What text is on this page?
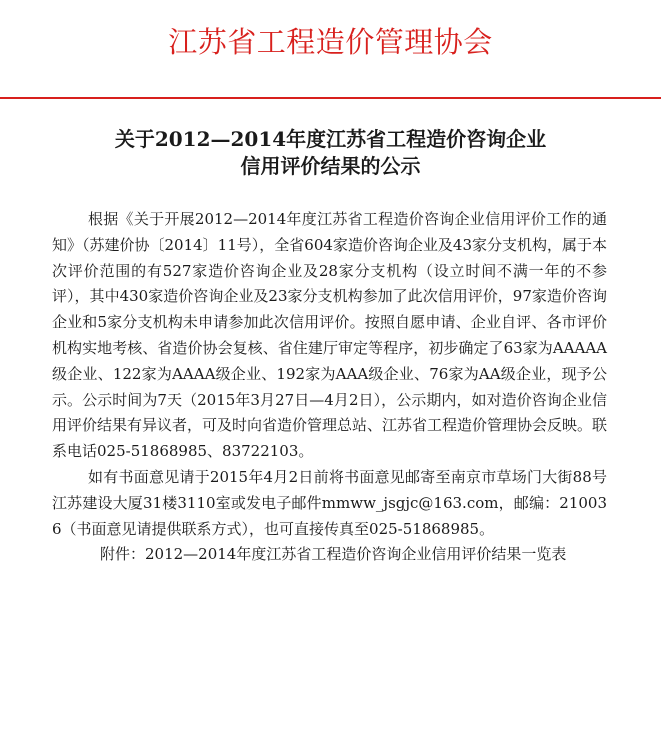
江苏省工程造价管理协会
关于2012—2014年度江苏省工程造价咨询企业
信用评价结果的公示

根据《关于开展2012—2014年度江苏省工程造价咨询企业信用评价工作的通知》（苏建价协〔2014〕11号），全省604家造价咨询企业及43家分支机构，属于本次评价范围的有527家造价咨询企业及28家分支机构（设立时间不满一年的不参评），其中430家造价咨询企业及23家分支机构参加了此次信用评价，97家造价咨询企业和5家分支机构未申请参加此次信用评价。按照自愿申请、企业自评、各市评价机构实地考核、省造价协会复核、省住建厅审定等程序，初步确定了63家为AAAAA级企业、122家为AAAA级企业、192家为AAA级企业、76家为AA级企业，现予公示。公示时间为7天（2015年3月27日—4月2日），公示期内，如对造价咨询企业信用评价结果有异议者，可及时向省造价管理总站、江苏省工程造价管理协会反映。联系电话025-51868985、83722103。

如有书面意见请于2015年4月2日前将书面意见邮寄至南京市草场门大街88号江苏建设大厦31楼3110室或发电子邮件mmww_jsgjc@163.com，邮编：210036（书面意见请提供联系方式），也可直接传真至025-51868985。

附件：2012—2014年度江苏省工程造价咨询企业信用评价结果一览表
